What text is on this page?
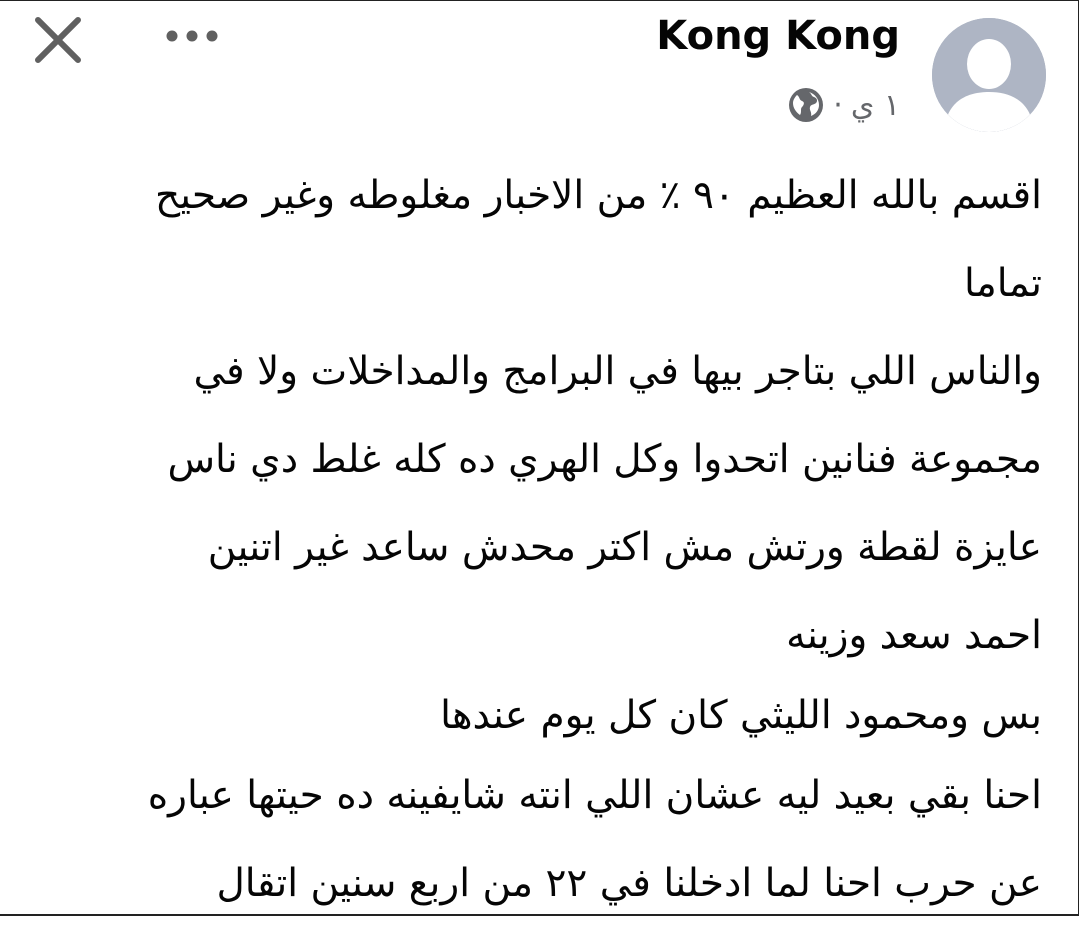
Kong Kong
١ ي
·
اقسم بالله العظيم ٩٠ ٪ من الاخبار مغلوطه وغير صحيح
تماما
والناس اللي بتاجر بيها في البرامج والمداخلات ولا في
مجموعة فنانين اتحدوا وكل الهري ده كله غلط دي ناس
عايزة لقطة ورتش مش اكتر محدش ساعد غير اتنين
احمد سعد وزينه
بس ومحمود الليثي كان كل يوم عندها
احنا بقي بعيد ليه عشان اللي انته شايفينه ده حيتها عباره
عن حرب احنا لما ادخلنا في ٢٢ من اربع سنين اتقال
